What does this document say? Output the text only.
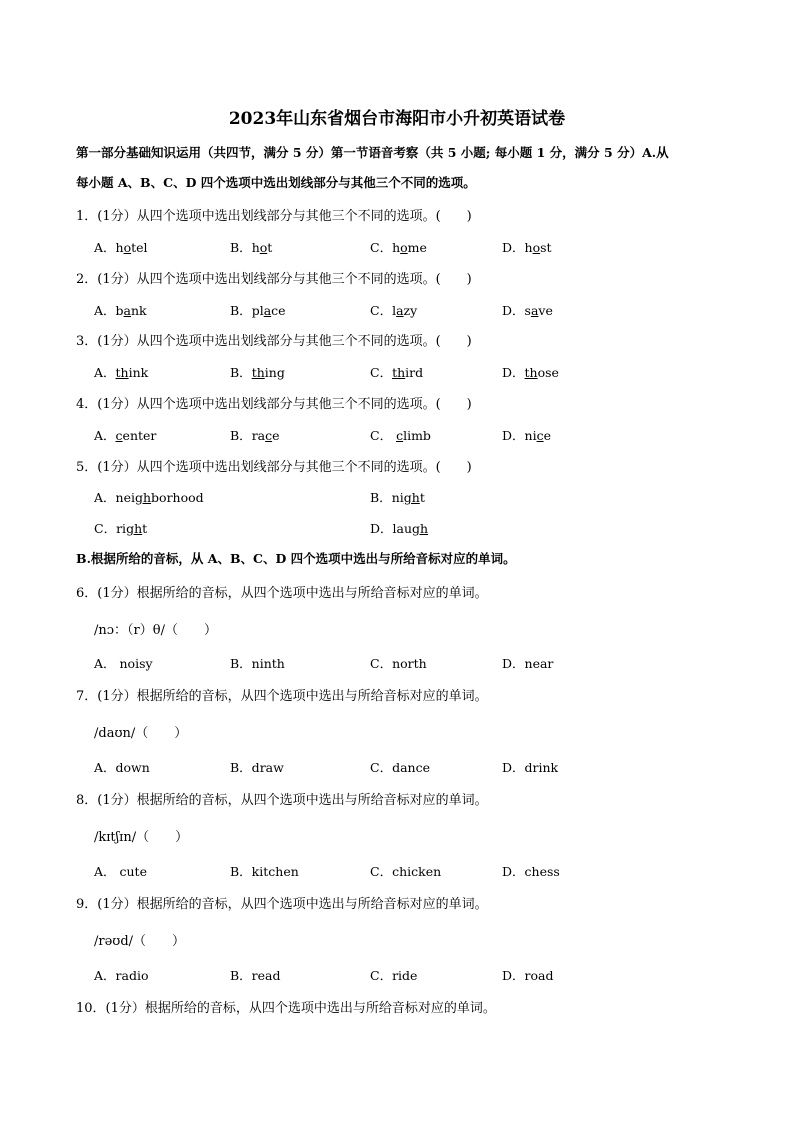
2023年山东省烟台市海阳市小升初英语试卷
第一部分基础知识运用（共四节，满分 5 分）第一节语音考察（共 5 小题; 每小题 1 分，满分 5 分）A.从
每小题 A、B、C、D 四个选项中选出划线部分与其他三个不同的选项。
1．(1分）从四个选项中选出划线部分与其他三个不同的选项。(　　)
A．hotel	B．hot	C．home	D．host
2．(1分）从四个选项中选出划线部分与其他三个不同的选项。(　　)
A．bank	B．place	C．lazy	D．save
3．(1分）从四个选项中选出划线部分与其他三个不同的选项。(　　)
A．think	B．thing	C．third	D．those
4．(1分）从四个选项中选出划线部分与其他三个不同的选项。(　　)
A．center	B．race	C． climb	D．nice
5．(1分）从四个选项中选出划线部分与其他三个不同的选项。(　　)
A．neighborhood	B．night
C．right	D．laugh
B.根据所给的音标，从 A、B、C、D 四个选项中选出与所给音标对应的单词。
6．(1分）根据所给的音标，从四个选项中选出与所给音标对应的单词。
/nɔ：（r）θ/（　　）
A． noisy	B．ninth	C．north	D．near
7．(1分）根据所给的音标，从四个选项中选出与所给音标对应的单词。
/daʊn/（　　）
A．down	B．draw	C．dance	D．drink
8．(1分）根据所给的音标，从四个选项中选出与所给音标对应的单词。
/kɪtʃɪn/（　　）
A． cute	B．kitchen	C．chicken	D．chess
9．(1分）根据所给的音标，从四个选项中选出与所给音标对应的单词。
/rəʊd/（　　）
A．radio	B．read	C．ride	D．road
10．(1分）根据所给的音标，从四个选项中选出与所给音标对应的单词。
